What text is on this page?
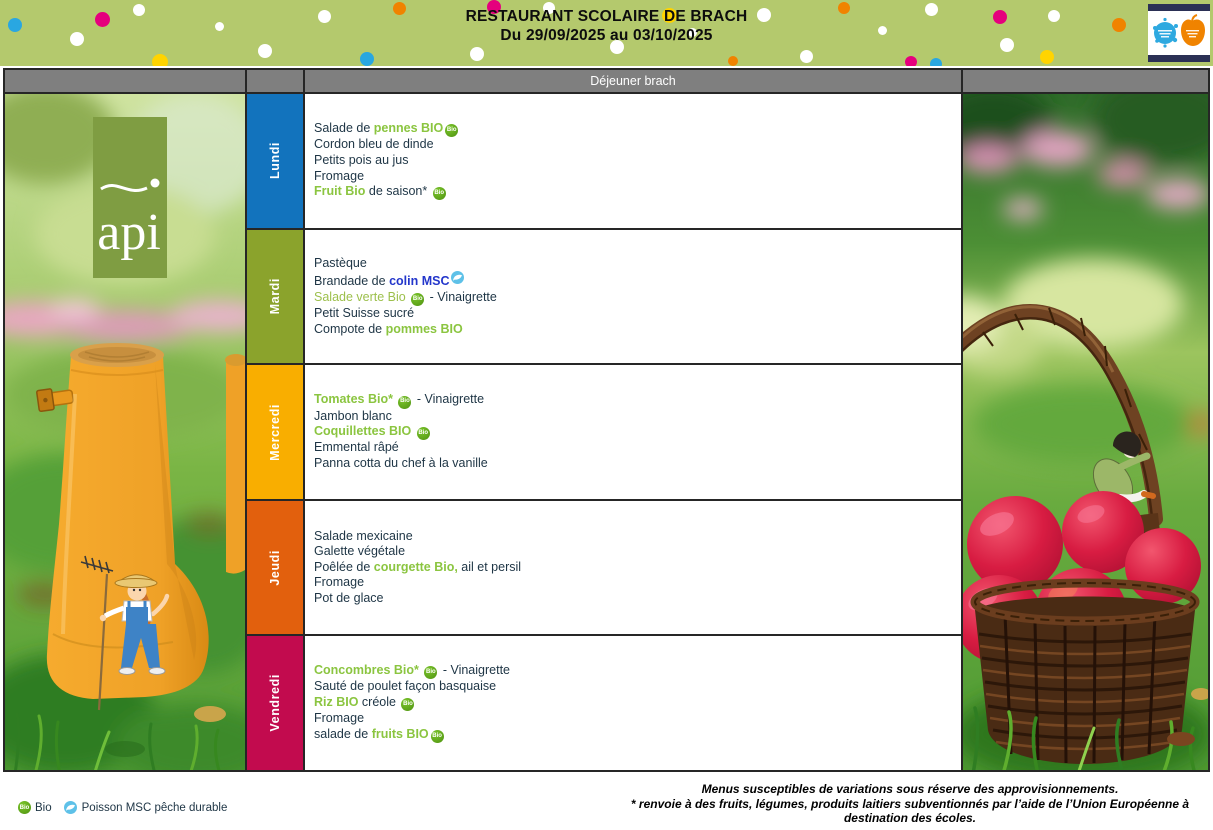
RESTAURANT SCOLAIRE DE BRACH
Du 29/09/2025 au 03/10/2025
Déjeuner brach
api
Lundi
Salade de pennes BIO Bio
Cordon bleu de dinde
Petits pois au jus
Fromage
Fruit Bio de saison* Bio
Mardi
Pastèque
Brandade de colin MSC
Salade verte Bio Bio - Vinaigrette
Petit Suisse sucré
Compote de pommes BIO
Mercredi
Tomates Bio* Bio - Vinaigrette
Jambon blanc
Coquillettes BIO Bio
Emmental râpé
Panna cotta du chef à la vanille
Jeudi
Salade mexicaine
Galette végétale
Poêlée de courgette Bio, ail et persil
Fromage
Pot de glace
Vendredi
Concombres Bio* Bio - Vinaigrette
Sauté de poulet façon basquaise
Riz BIO créole Bio
Fromage
salade de fruits BIO Bio
Bio Bio	Poisson MSC pêche durable
Menus susceptibles de variations sous réserve des approvisionnements.
* renvoie à des fruits, légumes, produits laitiers subventionnés par l’aide de l’Union Européenne à destination des écoles.
